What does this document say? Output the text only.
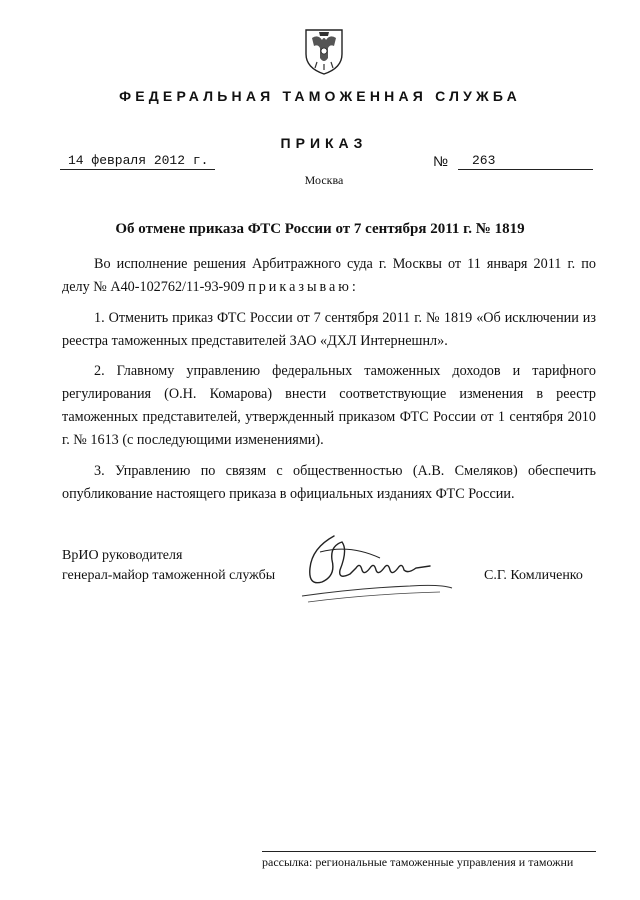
ФЕДЕРАЛЬНАЯ ТАМОЖЕННАЯ СЛУЖБА
ПРИКАЗ
14 февраля 2012 г.	№	263
Москва
Об отмене приказа ФТС России от 7 сентября 2011 г. № 1819
Во исполнение решения Арбитражного суда г. Москвы от 11 января 2011 г. по делу № А40-102762/11-93-909 приказываю:
1. Отменить приказ ФТС России от 7 сентября 2011 г. № 1819 «Об исключении из реестра таможенных представителей ЗАО «ДХЛ Интернешнл».
2. Главному управлению федеральных таможенных доходов и тарифного регулирования (О.Н. Комарова) внести соответствующие изменения в реестр таможенных представителей, утвержденный приказом ФТС России от 1 сентября 2010 г. № 1613 (с последующими изменениями).
3. Управлению по связям с общественностью (А.В. Смеляков) обеспечить опубликование настоящего приказа в официальных изданиях ФТС России.
ВрИО руководителя
генерал-майор таможенной службы	С.Г. Комличенко
рассылка: региональные таможенные управления и таможни
